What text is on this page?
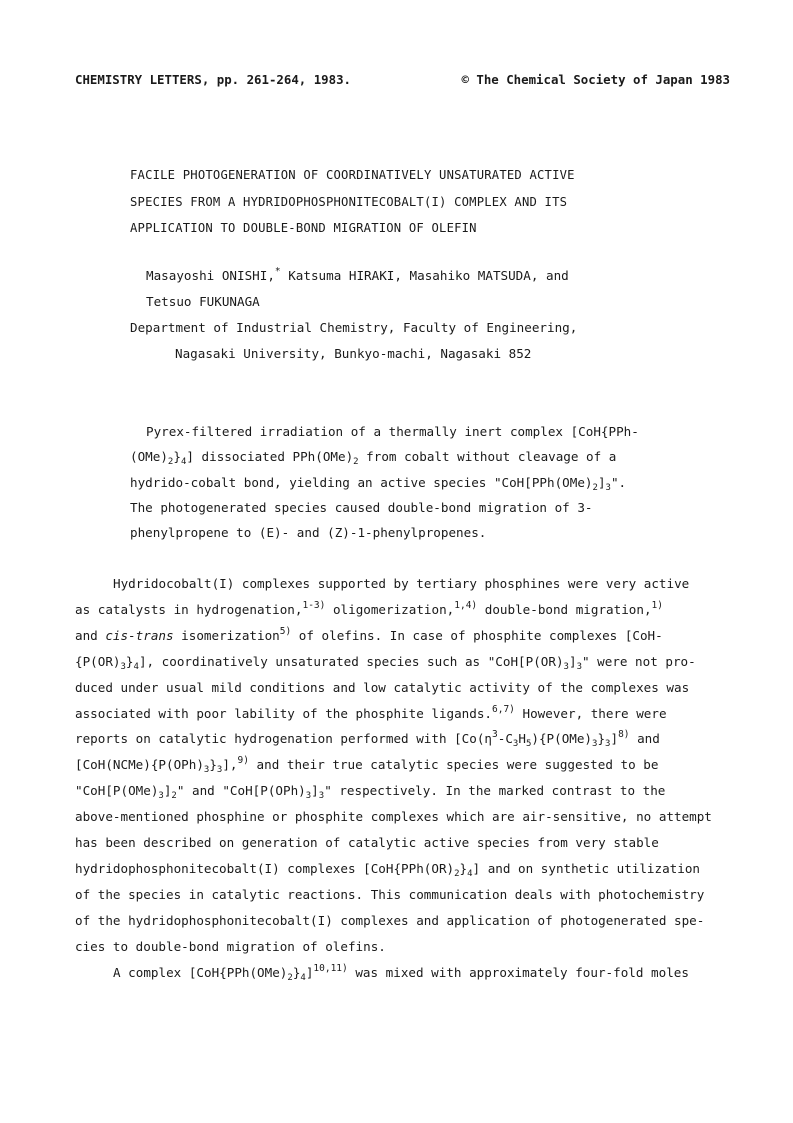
CHEMISTRY LETTERS, pp. 261-264, 1983.	© The Chemical Society of Japan 1983
FACILE PHOTOGENERATION OF COORDINATIVELY UNSATURATED ACTIVE
SPECIES FROM A HYDRIDOPHOSPHONITECOBALT(I) COMPLEX AND ITS
APPLICATION TO DOUBLE-BOND MIGRATION OF OLEFIN
Masayoshi ONISHI,* Katsuma HIRAKI, Masahiko MATSUDA, and
Tetsuo FUKUNAGA
Department of Industrial Chemistry, Faculty of Engineering,
Nagasaki University, Bunkyo-machi, Nagasaki 852
Pyrex-filtered irradiation of a thermally inert complex [CoH{PPh-
$(OMe)_2\}_4$] dissociated $PPh(OMe)_2$ from cobalt without cleavage of a
hydrido-cobalt bond, yielding an active species "$CoH[PPh(OMe)_2]_3$".
The photogenerated species caused double-bond migration of 3-
phenylpropene to (E)- and (Z)-1-phenylpropenes.
Hydridocobalt(I) complexes supported by tertiary phosphines were very active
as catalysts in hydrogenation,$^{1-3)}$ oligomerization,$^{1,4)}$ double-bond migration,$^{1)}$
and cis-trans isomerization$^{5)}$ of olefins. In case of phosphite complexes [CoH-
$\{P(OR)_3\}_4$], coordinatively unsaturated species such as "$CoH[P(OR)_3]_3$" were not pro-
duced under usual mild conditions and low catalytic activity of the complexes was
associated with poor lability of the phosphite ligands.$^{6,7)}$ However, there were
reports on catalytic hydrogenation performed with $[Co(\eta^3-C_3H_5)\{P(OMe)_3\}_3]^{8)}$ and
$[CoH(NCMe)\{P(OPh)_3\}_3],^{9)}$ and their true catalytic species were suggested to be
"$CoH[P(OMe)_3]_2$" and "$CoH[P(OPh)_3]_3$" respectively. In the marked contrast to the
above-mentioned phosphine or phosphite complexes which are air-sensitive, no attempt
has been described on generation of catalytic active species from very stable
hydridophosphonitecobalt(I) complexes $[CoH\{PPh(OR)_2\}_4]$ and on synthetic utilization
of the species in catalytic reactions. This communication deals with photochemistry
of the hydridophosphonitecobalt(I) complexes and application of photogenerated spe-
cies to double-bond migration of olefins.
A complex $[CoH\{PPh(OMe)_2\}_4]^{10,11)}$ was mixed with approximately four-fold moles
